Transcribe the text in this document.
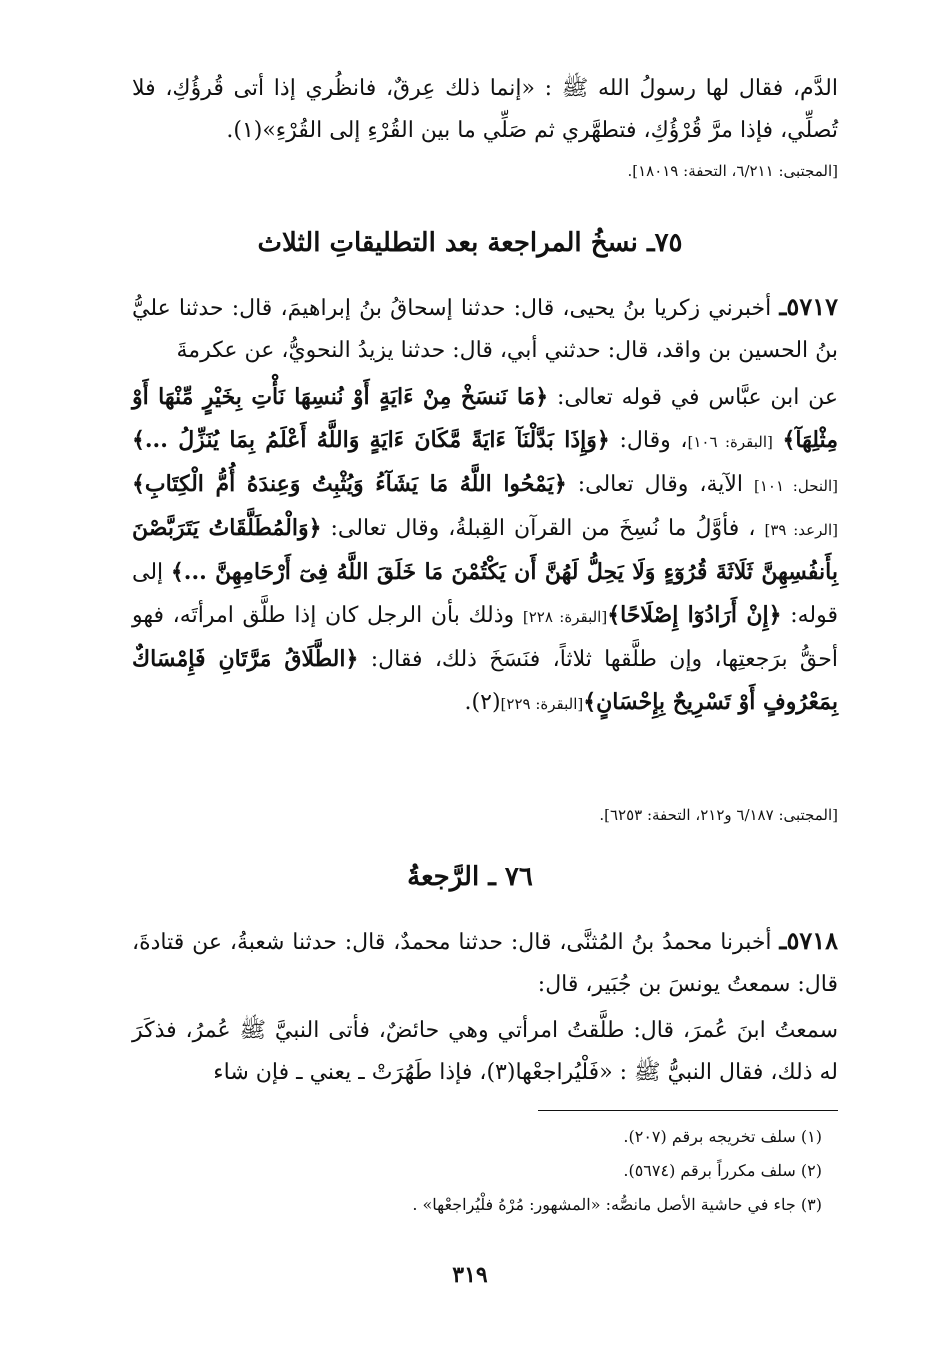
الدَّم، فقال لها رسولُ الله ﷺ : «إنما ذلك عِرقٌ، فانظُري إذا أتى قُرؤُكِ، فلا تُصلِّي، فإذا مرَّ قُرْؤُكِ، فتطهَّري ثم صَلِّي ما بين القُرْءِ إلى القُرْءِ»(١).

[المجتبى: ٦/٢١١، التحفة: ١٨٠١٩].

٧٥ـ نسخُ المراجعة بعد التطليقاتِ الثلاث

٥٧١٧ـ أخبرني زكريا بنُ يحيى، قال: حدثنا إسحاقُ بنُ إبراهيمَ، قال: حدثنا عليُّ بنُ الحسين بن واقد، قال: حدثني أبي، قال: حدثنا يزيدُ النحويُّ، عن عكرمةَ

عن ابن عبَّاس في قوله تعالى: ﴿مَا نَنسَخْ مِنْ ءَايَةٍ أَوْ نُنسِهَا نَأْتِ بِخَيْرٍ مِّنْهَا أَوْ مِثْلِهَآ﴾ [البقرة: ١٠٦]، وقال: ﴿وَإِذَا بَدَّلْنَآ ءَايَةً مَّكَانَ ءَايَةٍ وَاللَّهُ أَعْلَمُ بِمَا يُنَزِّلُ ...﴾ [النحل: ١٠١] الآية، وقال تعالى: ﴿يَمْحُوا اللَّهُ مَا يَشَآءُ وَيُثْبِتُ وَعِندَهُ أُمُّ الْكِتَابِ﴾ [الرعد: ٣٩] ، فأوَّلُ ما نُسِخَ من القرآن القِبلةُ، وقال تعالى: ﴿وَالْمُطَلَّقَاتُ يَتَرَبَّصْنَ بِأَنفُسِهِنَّ ثَلَاثَةَ قُرُوٓءٍ وَلَا يَحِلُّ لَهُنَّ أَن يَكْتُمْنَ مَا خَلَقَ اللَّهُ فِىٓ أَرْحَامِهِنَّ ...﴾ إلى قوله: ﴿إِنْ أَرَادُوٓا إِصْلَاحًا﴾[البقرة: ٢٢٨] وذلك بأن الرجل كان إذا طلَّق امرأتَه، فهو أحقُّ برَجعتِها، وإن طلَّقها ثلاثاً، فنَسَخَ ذلك، فقال: ﴿الطَّلَاقُ مَرَّتَانِ فَإِمْسَاكٌ بِمَعْرُوفٍ أَوْ تَسْرِيحٌ بِإِحْسَانٍ﴾[البقرة: ٢٢٩](٢).

[المجتبى: ٦/١٨٧ و٢١٢، التحفة: ٦٢٥٣].

٧٦ ـ الرَّجعةُ

٥٧١٨ـ أخبرنا محمدُ بنُ المُثنَّى، قال: حدثنا محمدٌ، قال: حدثنا شعبةُ، عن قتادةَ، قال: سمعتُ يونسَ بن جُبَير، قال:

سمعتُ ابنَ عُمرَ، قال: طلَّقتُ امرأتي وهي حائضٌ، فأتى النبيَّ ﷺ عُمرُ، فذكَرَ له ذلك، فقال النبيُّ ﷺ : «فَلْيُراجعْها(٣)، فإذا طَهُرَتْ ـ يعني ـ فإن شاء

(١) سلف تخريجه برقم (٢٠٧).

(٢) سلف مكرراً برقم (٥٦٧٤).

(٣) جاء في حاشية الأصل مانصُّه: «المشهور: مُرْهُ فلْيُراجعْها» .

٣١٩
